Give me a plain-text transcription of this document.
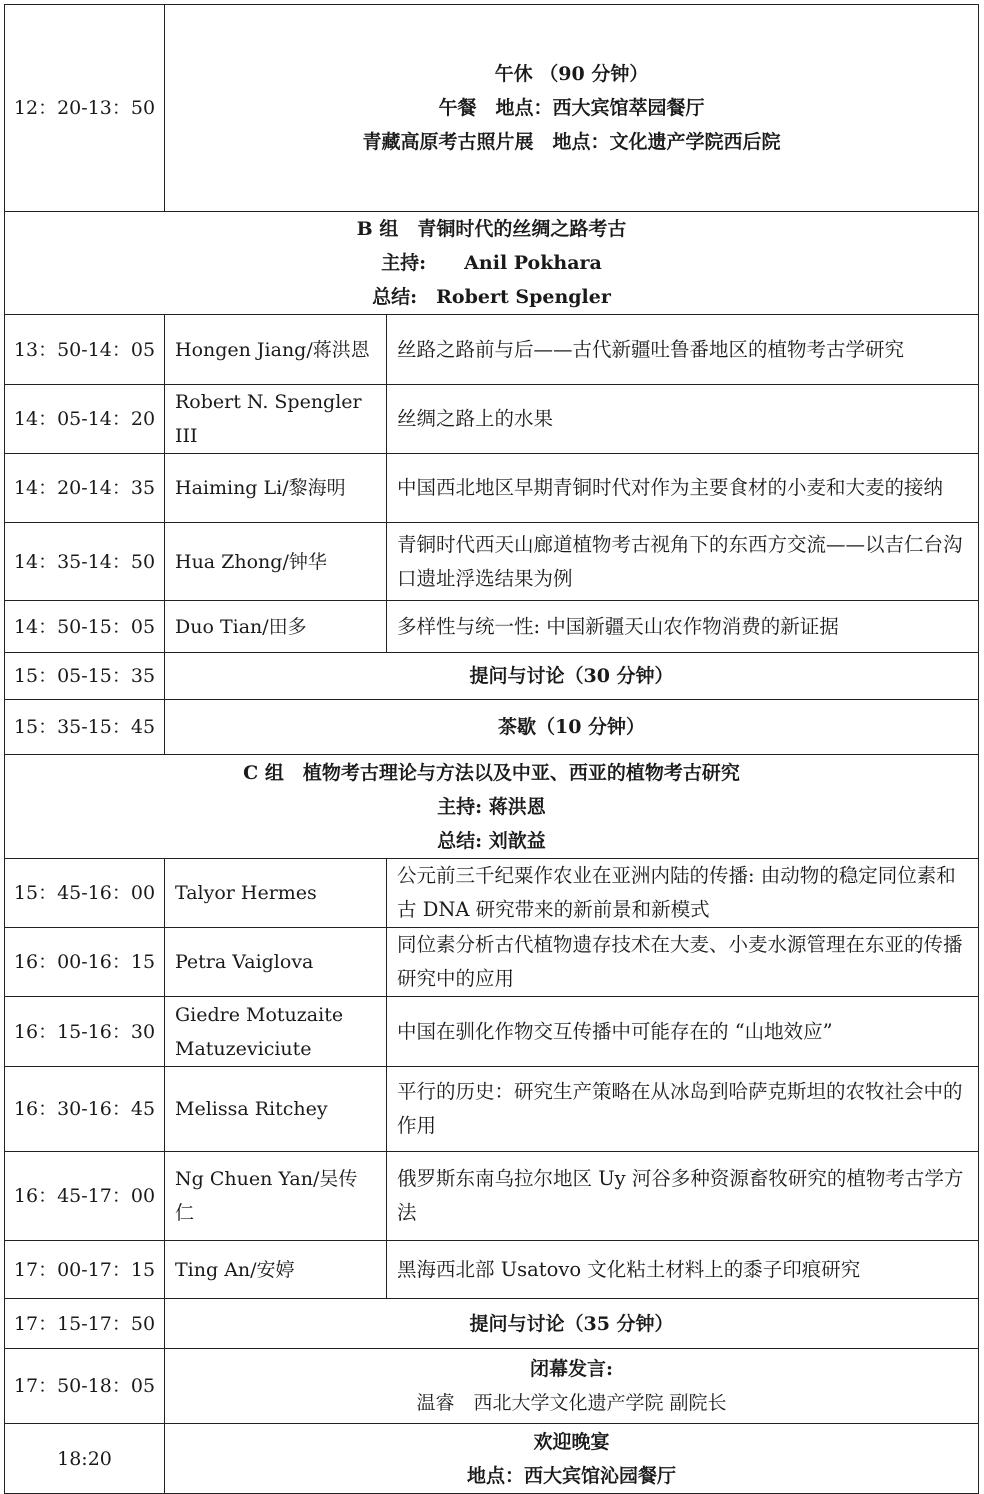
12：20-13：50	午休 （90 分钟）
午餐　地点：西大宾馆萃园餐厅
青藏高原考古照片展　地点：文化遗产学院西后院	

B 组　青铜时代的丝绸之路考古
主持:　　Anil Pokhara
总结:　Robert Spengler		

13：50-14：05	Hongen Jiang/蒋洪恩	丝路之路前与后——古代新疆吐鲁番地区的植物考古学研究
14：05-14：20	Robert N. Spengler III	丝绸之路上的水果
14：20-14：35	Haiming Li/黎海明	中国西北地区早期青铜时代对作为主要食材的小麦和大麦的接纳
14：35-14：50	Hua Zhong/钟华	青铜时代西天山廊道植物考古视角下的东西方交流——以吉仁台沟口遗址浮选结果为例
14：50-15：05	Duo Tian/田多	多样性与统一性: 中国新疆天山农作物消费的新证据
15：05-15：35	提问与讨论（30 分钟）	
15：35-15：45	茶歇（10 分钟）	

C 组　植物考古理论与方法以及中亚、西亚的植物考古研究
主持: 蒋洪恩
总结: 刘歆益		

15：45-16：00	Talyor Hermes	公元前三千纪粟作农业在亚洲内陆的传播: 由动物的稳定同位素和古 DNA 研究带来的新前景和新模式
16：00-16：15	Petra Vaiglova	同位素分析古代植物遗存技术在大麦、小麦水源管理在东亚的传播研究中的应用
16：15-16：30	Giedre Motuzaite Matuzeviciute	中国在驯化作物交互传播中可能存在的 “山地效应”
16：30-16：45	Melissa Ritchey	平行的历史：研究生产策略在从冰岛到哈萨克斯坦的农牧社会中的作用
16：45-17：00	Ng Chuen Yan/吴传仁	俄罗斯东南乌拉尔地区 Uy 河谷多种资源畜牧研究的植物考古学方法
17：00-17：15	Ting An/安婷	黑海西北部 Usatovo 文化粘土材料上的黍子印痕研究
17：15-17：50	提问与讨论（35 分钟）	
17：50-18：05	闭幕发言:
温睿　西北大学文化遗产学院 副院长	

18:20	欢迎晚宴
地点：西大宾馆沁园餐厅	
